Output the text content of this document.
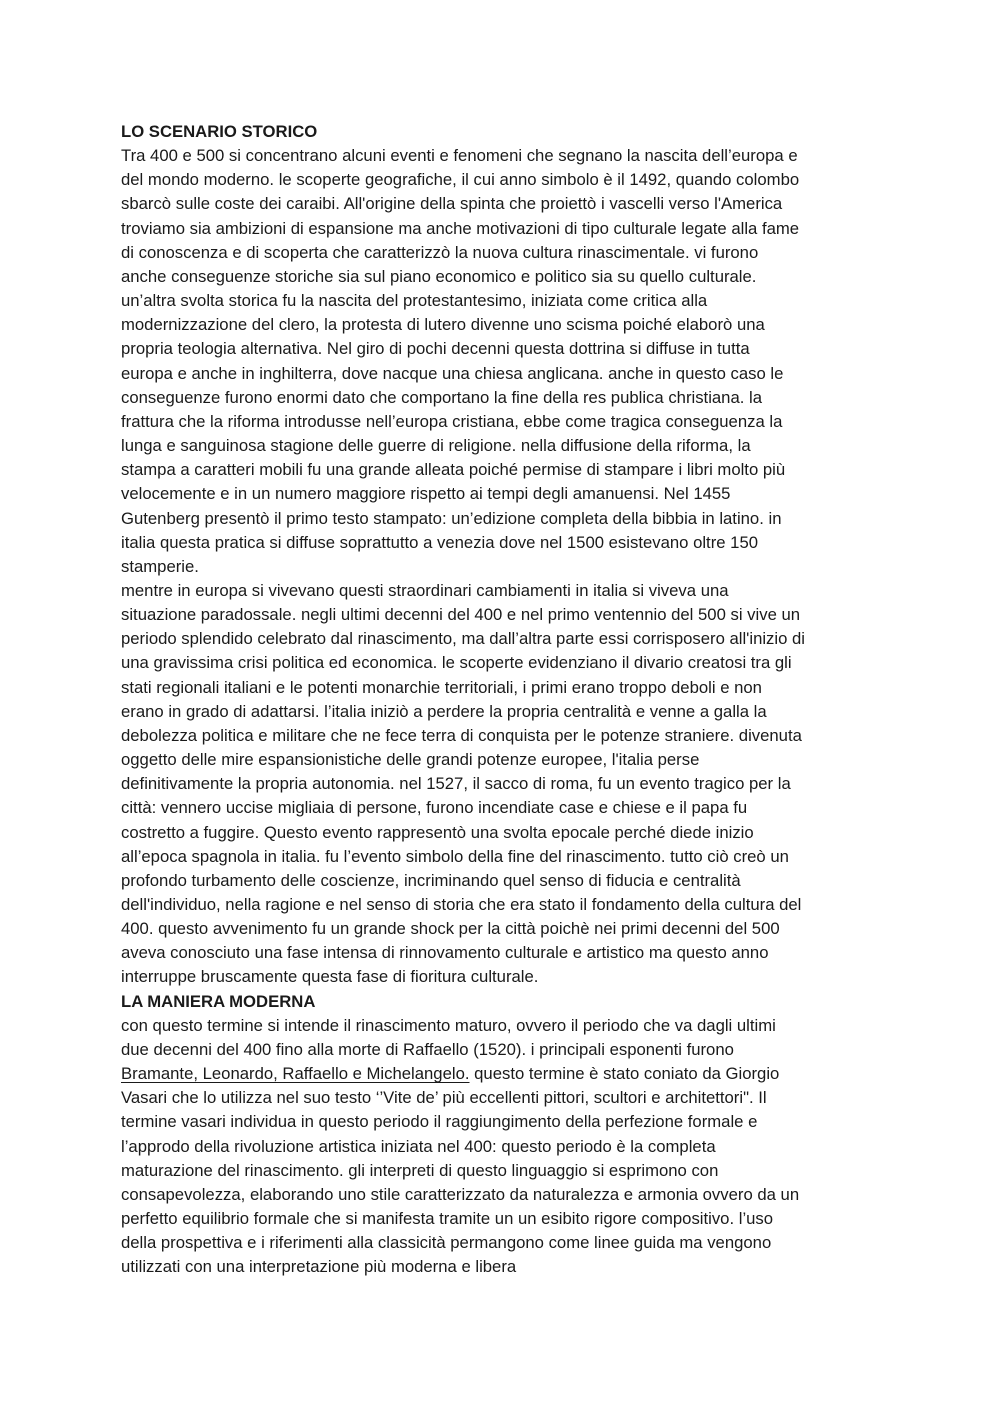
LO SCENARIO STORICO
Tra 400 e 500 si concentrano alcuni eventi e fenomeni che segnano la nascita dell’europa e
del mondo moderno. le scoperte geografiche, il cui anno simbolo è il 1492, quando colombo
sbarcò sulle coste dei caraibi. All'origine della spinta che proiettò i vascelli verso l'America
troviamo sia ambizioni di espansione ma anche motivazioni di tipo culturale legate alla fame
di conoscenza e di scoperta che caratterizzò la nuova cultura rinascimentale. vi furono
anche conseguenze storiche sia sul piano economico e politico sia su quello culturale.
un’altra svolta storica fu la nascita del protestantesimo, iniziata come critica alla
modernizzazione del clero, la protesta di lutero divenne uno scisma poiché elaborò una
propria teologia alternativa. Nel giro di pochi decenni questa dottrina si diffuse in tutta
europa e anche in inghilterra, dove nacque una chiesa anglicana. anche in questo caso le
conseguenze furono enormi dato che comportano la fine della res publica christiana. la
frattura che la riforma introdusse nell’europa cristiana, ebbe come tragica conseguenza la
lunga e sanguinosa stagione delle guerre di religione. nella diffusione della riforma, la
stampa a caratteri mobili fu una grande alleata poiché permise di stampare i libri molto più
velocemente e in un numero maggiore rispetto ai tempi degli amanuensi. Nel 1455
Gutenberg presentò il primo testo stampato: un’edizione completa della bibbia in latino. in
italia questa pratica si diffuse soprattutto a venezia dove nel 1500 esistevano oltre 150
stamperie.
mentre in europa si vivevano questi straordinari cambiamenti in italia si viveva una
situazione paradossale. negli ultimi decenni del 400 e nel primo ventennio del 500 si vive un
periodo splendido celebrato dal rinascimento, ma dall’altra parte essi corrisposero all'inizio di
una gravissima crisi politica ed economica. le scoperte evidenziano il divario creatosi tra gli
stati regionali italiani e le potenti monarchie territoriali, i primi erano troppo deboli e non
erano in grado di adattarsi. l’italia iniziò a perdere la propria centralità e venne a galla la
debolezza politica e militare che ne fece terra di conquista per le potenze straniere. divenuta
oggetto delle mire espansionistiche delle grandi potenze europee, l'italia perse
definitivamente la propria autonomia. nel 1527, il sacco di roma, fu un evento tragico per la
città: vennero uccise migliaia di persone, furono incendiate case e chiese e il papa fu
costretto a fuggire. Questo evento rappresentò una svolta epocale perché diede inizio
all’epoca spagnola in italia. fu l’evento simbolo della fine del rinascimento. tutto ciò creò un
profondo turbamento delle coscienze, incriminando quel senso di fiducia e centralità
dell'individuo, nella ragione e nel senso di storia che era stato il fondamento della cultura del
400. questo avvenimento fu un grande shock per la città poichè nei primi decenni del 500
aveva conosciuto una fase intensa di rinnovamento culturale e artistico ma questo anno
interruppe bruscamente questa fase di fioritura culturale.
LA MANIERA MODERNA
con questo termine si intende il rinascimento maturo, ovvero il periodo che va dagli ultimi
due decenni del 400 fino alla morte di Raffaello (1520). i principali esponenti furono
Bramante, Leonardo, Raffaello e Michelangelo. questo termine è stato coniato da Giorgio
Vasari che lo utilizza nel suo testo ‘’Vite de’ più eccellenti pittori, scultori e architettori". Il
termine vasari individua in questo periodo il raggiungimento della perfezione formale e
l’approdo della rivoluzione artistica iniziata nel 400: questo periodo è la completa
maturazione del rinascimento. gli interpreti di questo linguaggio si esprimono con
consapevolezza, elaborando uno stile caratterizzato da naturalezza e armonia ovvero da un
perfetto equilibrio formale che si manifesta tramite un un esibito rigore compositivo. l’uso
della prospettiva e i riferimenti alla classicità permangono come linee guida ma vengono
utilizzati con una interpretazione più moderna e libera
